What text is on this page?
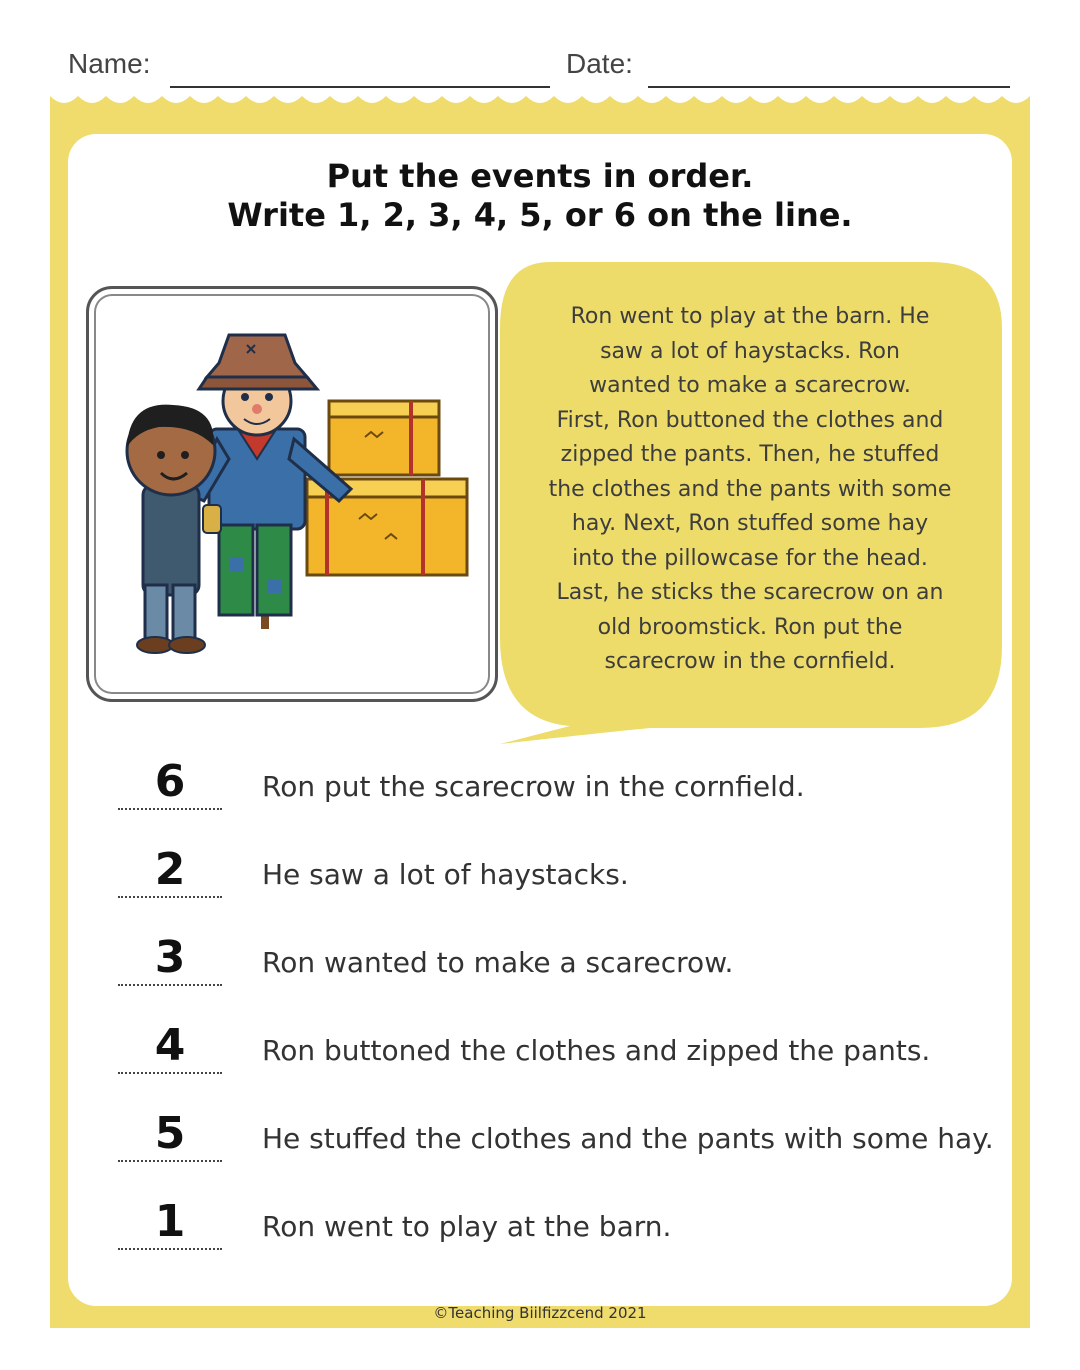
Name:	Date:
Put the events in order.
Write 1, 2, 3, 4, 5, or 6 on the line.
Ron went to play at the barn. He
saw a lot of haystacks. Ron
wanted to make a scarecrow.
First, Ron buttoned the clothes and
zipped the pants. Then, he stuffed
the clothes and the pants with some
hay. Next, Ron stuffed some hay
into the pillowcase for the head.
Last, he sticks the scarecrow on an
old broomstick. Ron put the
scarecrow in the cornfield.
6	Ron put the scarecrow in the cornfield.
2	He saw a lot of haystacks.
3	Ron wanted to make a scarecrow.
4	Ron buttoned the clothes and zipped the pants.
5	He stuffed the clothes and the pants with some hay.
1	Ron went to play at the barn.
©Teaching Biilfizzcend 2021
